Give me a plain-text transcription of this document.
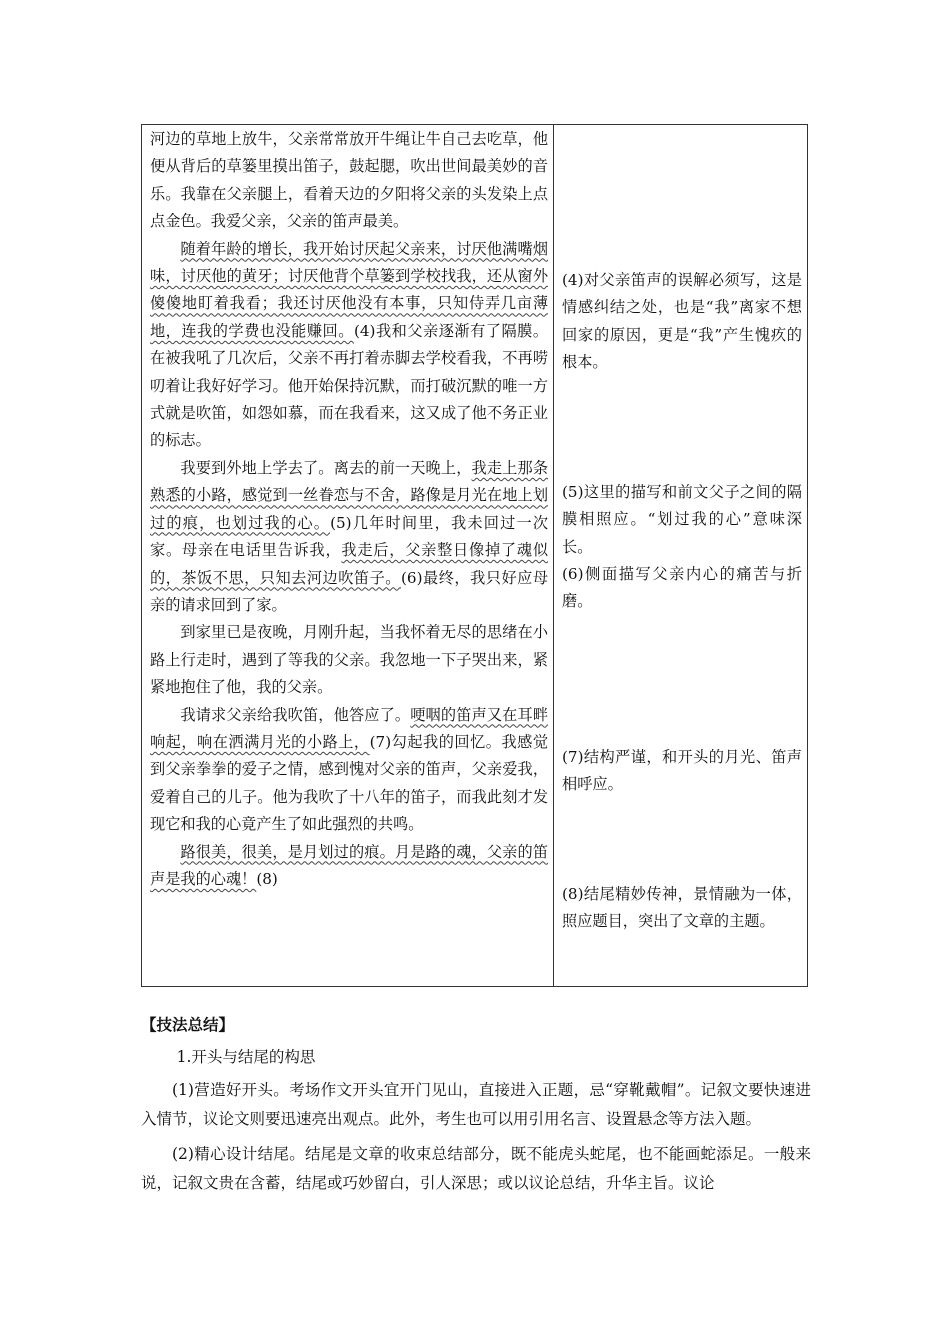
河边的草地上放牛，父亲常常放开牛绳让牛自己去吃草，他便从背后的草篓里摸出笛子，鼓起腮，吹出世间最美妙的音乐。我靠在父亲腿上，看着天边的夕阳将父亲的头发染上点点金色。我爱父亲，父亲的笛声最美。

随着年龄的增长，我开始讨厌起父亲来，讨厌他满嘴烟味，讨厌他的黄牙；讨厌他背个草篓到学校找我，还从窗外傻傻地盯着我看；我还讨厌他没有本事，只知侍弄几亩薄地，连我的学费也没能赚回。(4)我和父亲逐渐有了隔膜。在被我吼了几次后，父亲不再打着赤脚去学校看我，不再唠叨着让我好好学习。他开始保持沉默，而打破沉默的唯一方式就是吹笛，如怨如慕，而在我看来，这又成了他不务正业的标志。

我要到外地上学去了。离去的前一天晚上，我走上那条熟悉的小路，感觉到一丝眷恋与不舍，路像是月光在地上划过的痕，也划过我的心。(5)几年时间里，我未回过一次家。母亲在电话里告诉我，我走后，父亲整日像掉了魂似的，茶饭不思，只知去河边吹笛子。(6)最终，我只好应母亲的请求回到了家。

到家里已是夜晚，月刚升起，当我怀着无尽的思绪在小路上行走时，遇到了等我的父亲。我忽地一下子哭出来，紧紧地抱住了他，我的父亲。

我请求父亲给我吹笛，他答应了。哽咽的笛声又在耳畔响起，响在洒满月光的小路上，(7)勾起我的回忆。我感觉到父亲拳拳的爱子之情，感到愧对父亲的笛声，父亲爱我，爱着自己的儿子。他为我吹了十八年的笛子，而我此刻才发现它和我的心竟产生了如此强烈的共鸣。

路很美，很美，是月划过的痕。月是路的魂，父亲的笛声是我的心魂！(8)

(4)对父亲笛声的误解必须写，这是情感纠结之处，也是“我”离家不想回家的原因，更是“我”产生愧疚的根本。

(5)这里的描写和前文父子之间的隔膜相照应。“划过我的心”意味深长。

(6)侧面描写父亲内心的痛苦与折磨。

(7)结构严谨，和开头的月光、笛声相呼应。

(8)结尾精妙传神，景情融为一体，照应题目，突出了文章的主题。

【技法总结】

1.开头与结尾的构思

(1)营造好开头。考场作文开头宜开门见山，直接进入正题，忌“穿靴戴帽”。记叙文要快速进入情节，议论文则要迅速亮出观点。此外，考生也可以用引用名言、设置悬念等方法入题。

(2)精心设计结尾。结尾是文章的收束总结部分，既不能虎头蛇尾，也不能画蛇添足。一般来说，记叙文贵在含蓄，结尾或巧妙留白，引人深思；或以议论总结，升华主旨。议论
